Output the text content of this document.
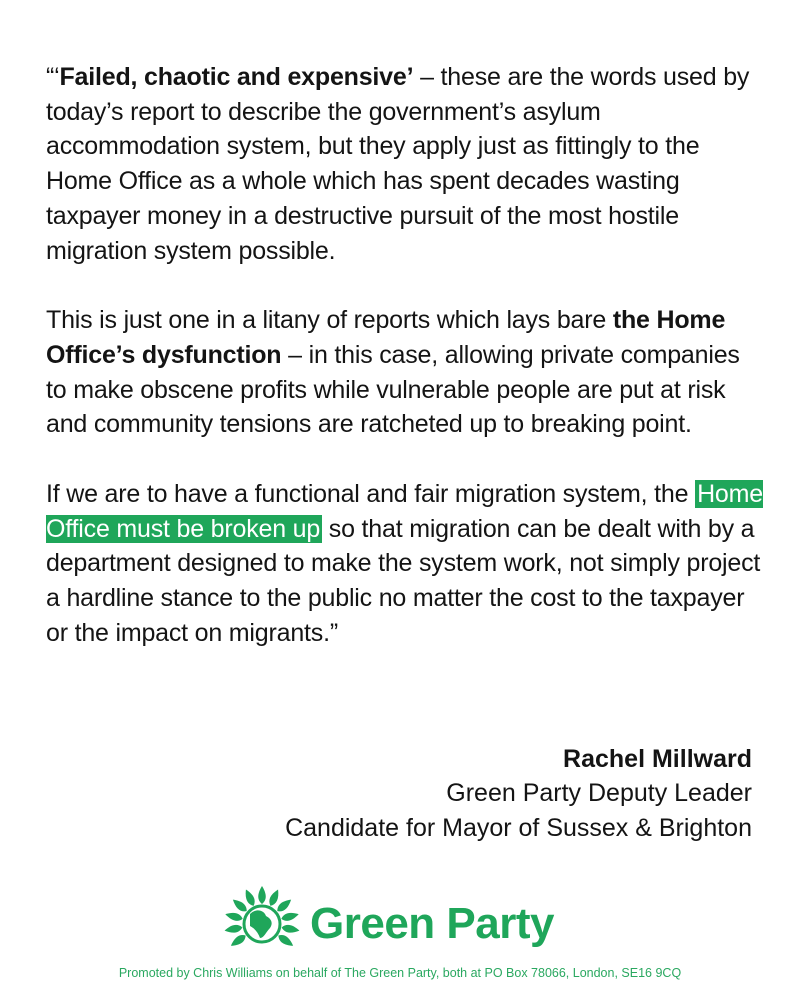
“‘Failed, chaotic and expensive’ – these are the words used by today’s report to describe the government’s asylum accommodation system, but they apply just as fittingly to the Home Office as a whole which has spent decades wasting taxpayer money in a destructive pursuit of the most hostile migration system possible.

This is just one in a litany of reports which lays bare the Home Office’s dysfunction – in this case, allowing private companies to make obscene profits while vulnerable people are put at risk and community tensions are ratcheted up to breaking point.

If we are to have a functional and fair migration system, the Home Office must be broken up so that migration can be dealt with by a department designed to make the system work, not simply project a hardline stance to the public no matter the cost to the taxpayer or the impact on migrants.”

Rachel Millward
Green Party Deputy Leader
Candidate for Mayor of Sussex & Brighton
Green Party
Promoted by Chris Williams on behalf of The Green Party, both at PO Box 78066, London, SE16 9CQ
